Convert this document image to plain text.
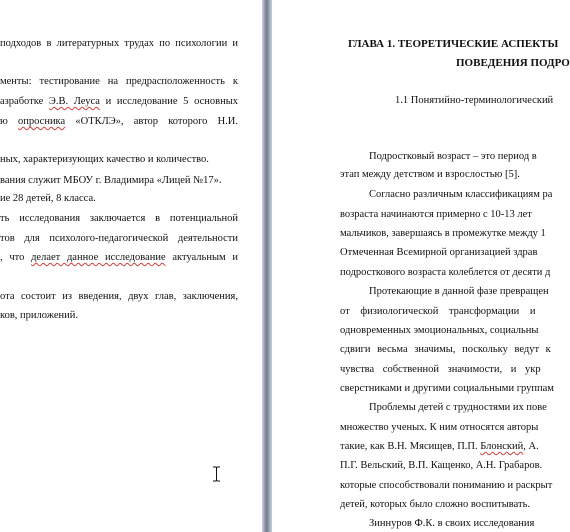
подходов в литературных трудах по психологии и
менты: тестирование на предрасположенность к
азработке Э.В. Леуса и исследование 5 основных
ю опросника «ОТКЛЭ», автор которого Н.И.
ных, характеризующих качество и количество.
вания служит МБОУ г. Владимира «Лицей №17».
ие 28 детей, 8 класса.
ть исследования заключается в потенциальной
тов для психолого-педагогической деятельности
, что делает данное исследование актуальным и
ота состоит из введения, двух глав, заключения,
ков, приложений.
ГЛАВА 1. ТЕОРЕТИЧЕСКИЕ АСПЕКТЫ
ПОВЕДЕНИЯ ПОДРО
1.1 Понятийно-терминологический
Подростковый возраст – это период в
этап между детством и взрослостью [5].
Согласно различным классификациям ра
возраста начинаются примерно с 10-13 лет
мальчиков, завершаясь в промежутке между 1
Отмеченная Всемирной организацией здрав
подросткового возраста колеблется от десяти д
Протекающие в данной фазе превращен
от физиологической трансформации и
одновременных эмоциональных, социальны
сдвиги весьма значимы, поскольку ведут к
чувства собственной значимости, и укр
сверстниками и другими социальными группам
Проблемы детей с трудностями их пове
множество ученых. К ним относятся авторы
такие, как В.Н. Мясищев, П.П. Блонский, А.
П.Г. Вельский, В.П. Кащенко, А.Н. Грабаров.
которые способствовали пониманию и раскрыт
детей, которых было сложно воспитывать.
Зиннуров Ф.К. в своих исследования
